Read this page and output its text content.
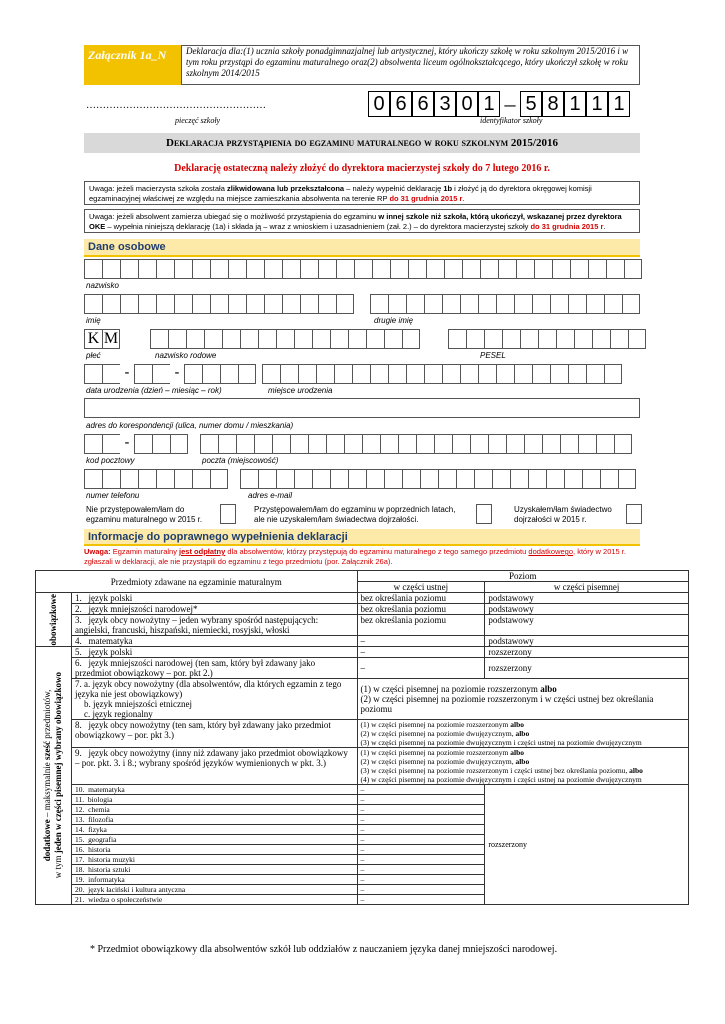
Załącznik 1a_N	Deklaracja dla:(1) ucznia szkoły ponadgimnazjalnej lub artystycznej, który ukończy szkołę w roku szkolnym 2015/2016 i w tym roku przystąpi do egzaminu maturalnego oraz(2) absolwenta liceum ogólnokształcącego, który ukończył szkołę w roku szkolnym 2014/2015
………………………………………………
pieczęć szkoły
0 6 6 3 0 1 – 5 8 1 1 1
identyfikator szkoły
Deklaracja przystąpienia do egzaminu maturalnego w roku szkolnym 2015/2016
Deklarację ostateczną należy złożyć do dyrektora macierzystej szkoły do 7 lutego 2016 r.
Uwaga: jeżeli macierzysta szkoła została zlikwidowana lub przekształcona – należy wypełnić deklarację 1b i złożyć ją do dyrektora okręgowej komisji egzaminacyjnej właściwej ze względu na miejsce zamieszkania absolwenta na terenie RP do 31 grudnia 2015 r.
Uwaga: jeżeli absolwent zamierza ubiegać się o możliwość przystąpienia do egzaminu w innej szkole niż szkoła, którą ukończył, wskazanej przez dyrektora OKE – wypełnia niniejszą deklarację (1a) i składa ją – wraz z wnioskiem i uzasadnieniem (zał. 2.) – do dyrektora macierzystej szkoły do 31 grudnia 2015 r.
Dane osobowe
nazwisko
imię	drugie imię
K M
płeć	nazwisko rodowe	PESEL
-	-
data urodzenia (dzień – miesiąc – rok)	miejsce urodzenia
adres do korespondencji (ulica, numer domu / mieszkania)
-
kod pocztowy	poczta (miejscowość)
numer telefonu	adres e-mail
Nie przystępowałem/łam do egzaminu maturalnego w 2015 r.
Przystępowałem/łam do egzaminu w poprzednich latach, ale nie uzyskałem/łam świadectwa dojrzałości.
Uzyskałem/łam świadectwo dojrzałości w 2015 r.
Informacje do poprawnego wypełnienia deklaracji
Uwaga: Egzamin maturalny jest odpłatny dla absolwentów, którzy przystępują do egzaminu maturalnego z tego samego przedmiotu dodatkowego, który w 2015 r. zgłaszali w deklaracji, ale nie przystąpili do egzaminu z tego przedmiotu (por. Załącznik 26a).
Przedmioty zdawane na egzaminie maturalnym		Poziom	
		w części ustnej	w części pisemnej

obowiązkowe	1. język polski	bez określania poziomu	podstawowy
	2. język mniejszości narodowej*	bez określania poziomu	podstawowy
	3. język obcy nowożytny – jeden wybrany spośród następujących: angielski, francuski, hiszpański, niemiecki, rosyjski, włoski	bez określania poziomu	podstawowy
	4. matematyka	–	podstawowy

dodatkowe – maksymalnie sześć przedmiotów,
w tym jeden w części pisemnej wybrany obowiązkowo	5. język polski	–	rozszerzony
	6. język mniejszości narodowej (ten sam, który był zdawany jako przedmiot obowiązkowy – por. pkt 2.)	–	rozszerzony
	7. a. język obcy nowożytny (dla absolwentów, dla których egzamin z tego języka nie jest obowiązkowy)
b. język mniejszości etnicznej
c. język regionalny	(1) w części pisemnej na poziomie rozszerzonym albo
(2) w części pisemnej na poziomie rozszerzonym i w części ustnej bez określania poziomu	
	8. język obcy nowożytny (ten sam, który był zdawany jako przedmiot obowiązkowy – por. pkt 3.)	(1) w części pisemnej na poziomie rozszerzonym albo
(2) w części pisemnej na poziomie dwujęzycznym, albo
(3) w części pisemnej na poziomie dwujęzycznym i części ustnej na poziomie dwujęzycznym	
	9. język obcy nowożytny (inny niż zdawany jako przedmiot obowiązkowy – por. pkt. 3. i 8.; wybrany spośród języków wymienionych w pkt. 3.)	(1) w części pisemnej na poziomie rozszerzonym albo
(2) w części pisemnej na poziomie dwujęzycznym, albo
(3) w części pisemnej na poziomie rozszerzonym i części ustnej bez określania poziomu, albo
(4) w części pisemnej na poziomie dwujęzycznym i części ustnej na poziomie dwujęzycznym	
	10. matematyka	–	rozszerzony
	11. biologia	–	
	12. chemia	–	
	13. filozofia	–	
	14. fizyka	–	
	15. geografia	–	
	16. historia	–	
	17. historia muzyki	–	
	18. historia sztuki	–	
	19. informatyka	–	
	20. język łaciński i kultura antyczna	–	
	21. wiedza o społeczeństwie	–	
* Przedmiot obowiązkowy dla absolwentów szkół lub oddziałów z nauczaniem języka danej mniejszości narodowej.
